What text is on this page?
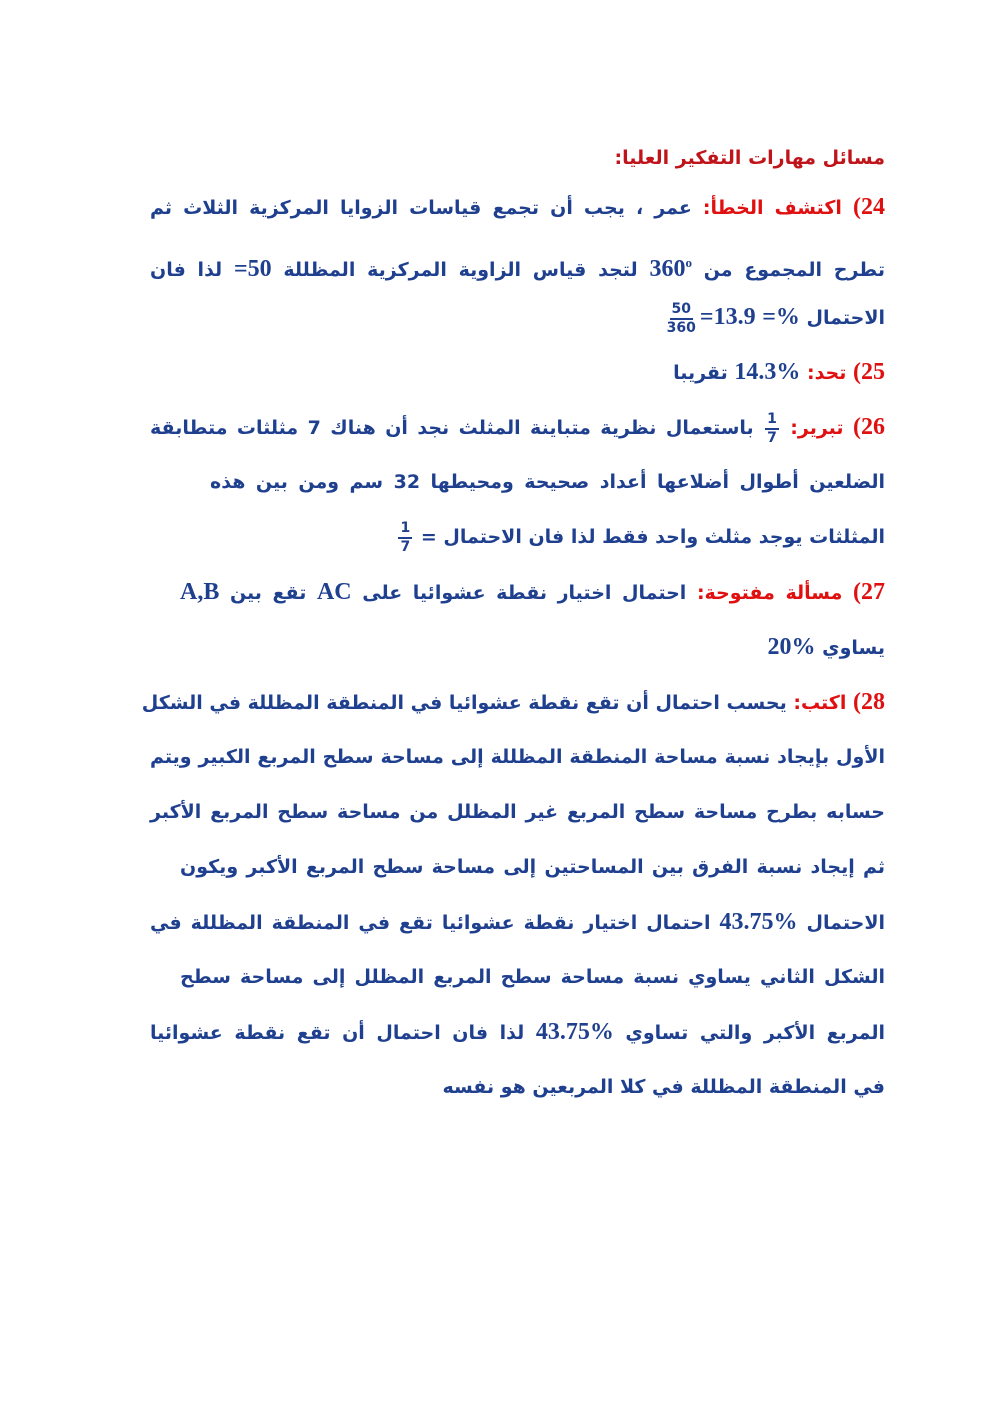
مسائل مهارات التفكير العليا:
24) اكتشف الخطأ: عمر ، يجب أن تجمع قياسات الزوايا المركزية الثلاث ثم
تطرح المجموع من 360$^o$ لتجد قياس الزاوية المركزية المظللة =50 لذا فان
الاحتمال
$\frac{50}{360} =13.9$ =%
25) تحد: 14.3% تقريبا
26) تبرير:
$\frac{1}{7}$
باستعمال نظرية متباينة المثلث نجد أن هناك 7 مثلثات متطابقة
الضلعين أطوال أضلاعها أعداد صحيحة ومحيطها 32 سم ومن بين هذه
المثلثات يوجد مثلث واحد فقط لذا فان الاحتمال =
$\frac{1}{7}$
27) مسألة مفتوحة: احتمال اختيار نقطة عشوائيا على AC تقع بين A,B
يساوي 20%
28) اكتب: يحسب احتمال أن تقع نقطة عشوائيا في المنطقة المظللة في الشكل
الأول بإيجاد نسبة مساحة المنطقة المظللة إلى مساحة سطح المربع الكبير ويتم
حسابه بطرح مساحة سطح المربع غير المظلل من مساحة سطح المربع الأكبر
ثم إيجاد نسبة الفرق بين المساحتين إلى مساحة سطح المربع الأكبر ويكون
الاحتمال 43.75% احتمال اختيار نقطة عشوائيا تقع في المنطقة المظللة في
الشكل الثاني يساوي نسبة مساحة سطح المربع المظلل إلى مساحة سطح
المربع الأكبر والتي تساوي 43.75% لذا فان احتمال أن تقع نقطة عشوائيا
في المنطقة المظللة في كلا المربعين هو نفسه
